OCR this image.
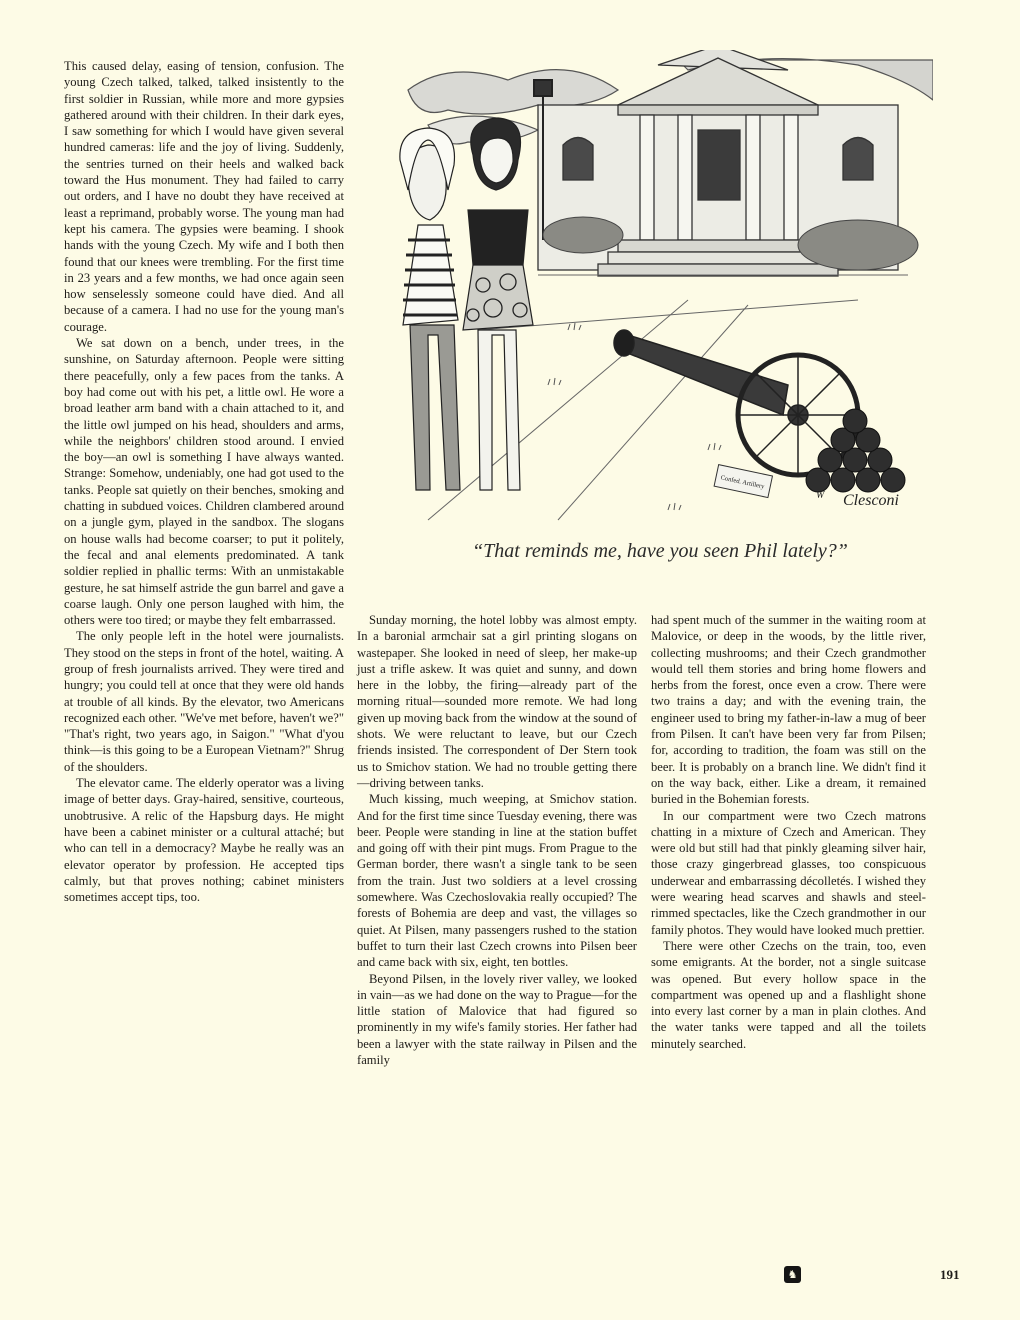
This caused delay, easing of tension, confusion. The young Czech talked, talked, talked insistently to the first soldier in Russian, while more and more gypsies gathered around with their children. In their dark eyes, I saw something for which I would have given several hundred cameras: life and the joy of living. Suddenly, the sentries turned on their heels and walked back toward the Hus monument. They had failed to carry out orders, and I have no doubt they have received at least a reprimand, probably worse. The young man had kept his camera. The gypsies were beaming. I shook hands with the young Czech. My wife and I both then found that our knees were trembling. For the first time in 23 years and a few months, we had once again seen how senselessly someone could have died. And all because of a camera. I had no use for the young man's courage.

We sat down on a bench, under trees, in the sunshine, on Saturday afternoon. People were sitting there peacefully, only a few paces from the tanks. A boy had come out with his pet, a little owl. He wore a broad leather arm band with a chain attached to it, and the little owl jumped on his head, shoulders and arms, while the neighbors' children stood around. I envied the boy—an owl is something I have always wanted. Strange: Somehow, undeniably, one had got used to the tanks. People sat quietly on their benches, smoking and chatting in subdued voices. Children clambered around on a jungle gym, played in the sandbox. The slogans on house walls had become coarser; to put it politely, the fecal and anal elements predominated. A tank soldier replied in phallic terms: With an unmistakable gesture, he sat himself astride the gun barrel and gave a coarse laugh. Only one person laughed with him, the others were too tired; or maybe they felt embarrassed.

The only people left in the hotel were journalists. They stood on the steps in front of the hotel, waiting. A group of fresh journalists arrived. They were tired and hungry; you could tell at once that they were old hands at trouble of all kinds. By the elevator, two Americans recognized each other. "We've met before, haven't we?" "That's right, two years ago, in Saigon." "What d'you think—is this going to be a European Vietnam?" Shrug of the shoulders.

The elevator came. The elderly operator was a living image of better days. Gray-haired, sensitive, courteous, unobtrusive. A relic of the Hapsburg days. He might have been a cabinet minister or a cultural attaché; but who can tell in a democracy? Maybe he really was an elevator operator by profession. He accepted tips calmly, but that proves nothing; cabinet ministers sometimes accept tips, too.

Confed. Artillery
Clesconi
W
“That reminds me, have you seen Phil lately?”

Sunday morning, the hotel lobby was almost empty. In a baronial armchair sat a girl printing slogans on wastepaper. She looked in need of sleep, her make-up just a trifle askew. It was quiet and sunny, and down here in the lobby, the firing—already part of the morning ritual—sounded more remote. We had long given up moving back from the window at the sound of shots. We were reluctant to leave, but our Czech friends insisted. The correspondent of Der Stern took us to Smichov station. We had no trouble getting there—driving between tanks.

Much kissing, much weeping, at Smichov station. And for the first time since Tuesday evening, there was beer. People were standing in line at the station buffet and going off with their pint mugs. From Prague to the German border, there wasn't a single tank to be seen from the train. Just two soldiers at a level crossing somewhere. Was Czechoslovakia really occupied? The forests of Bohemia are deep and vast, the villages so quiet. At Pilsen, many passengers rushed to the station buffet to turn their last Czech crowns into Pilsen beer and came back with six, eight, ten bottles.

Beyond Pilsen, in the lovely river valley, we looked in vain—as we had done on the way to Prague—for the little station of Malovice that had figured so prominently in my wife's family stories. Her father had been a lawyer with the state railway in Pilsen and the family

had spent much of the summer in the waiting room at Malovice, or deep in the woods, by the little river, collecting mushrooms; and their Czech grandmother would tell them stories and bring home flowers and herbs from the forest, once even a crow. There were two trains a day; and with the evening train, the engineer used to bring my father-in-law a mug of beer from Pilsen. It can't have been very far from Pilsen; for, according to tradition, the foam was still on the beer. It is probably on a branch line. We didn't find it on the way back, either. Like a dream, it remained buried in the Bohemian forests.

In our compartment were two Czech matrons chatting in a mixture of Czech and American. They were old but still had that pinkly gleaming silver hair, those crazy gingerbread glasses, too conspicuous underwear and embarrassing décolletés. I wished they were wearing head scarves and shawls and steel-rimmed spectacles, like the Czech grandmother in our family photos. They would have looked much prettier.

There were other Czechs on the train, too, even some emigrants. At the border, not a single suitcase was opened. But every hollow space in the compartment was opened up and a flashlight shone into every last corner by a man in plain clothes. And the water tanks were tapped and all the toilets minutely searched.

♞	191
